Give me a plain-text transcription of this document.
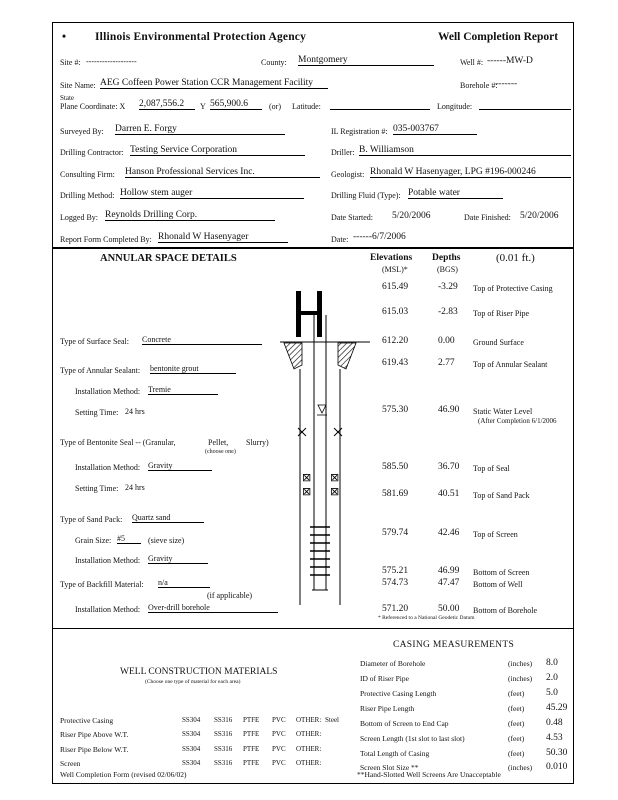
•	Illinois Environmental Protection Agency	Well Completion Report
Site #: -------------------	County: Montgomery	Well #: ------MW-D
Site Name: AEG Coffeen Power Station CCR Management Facility	Borehole #:
-------
State
Plane Coordinate: X 2,087,556.2	Y 565,900.6	(or) Latitude:	Longitude:
Surveyed By: Darren E. Forgy	IL Registration #: 035-003767
Drilling Contractor: Testing Service Corporation	Driller: B. Williamson
Consulting Firm: Hanson Professional Services Inc.	Geologist: Rhonald W Hasenyager, LPG #196-000246
Drilling Method: Hollow stem auger	Drilling Fluid (Type): Potable water
Logged By: Reynolds Drilling Corp.	Date Started: 5/20/2006	Date Finished: 5/20/2006
Report Form Completed By: Rhonald W Hasenyager	Date: ------6/7/2006
ANNULAR SPACE DETAILS	Elevations
(MSL)*
Depths
(BGS)
(0.01 ft.)
⊠ ⊠
⊠ ⊠
Type of Surface Seal: Concrete
Type of Annular Sealant: bentonite grout
Installation Method: Tremie
Setting Time: 24 hrs
Type of Bentonite Seal -- (Granular,	Pellet, Slurry)
(choose one)
Installation Method: Gravity
Setting Time: 24 hrs
Type of Sand Pack: Quartz sand
Grain Size: #5	(sieve size)
Installation Method: Gravity
Type of Backfill Material: n/a
(if applicable)
Installation Method: Over-drill borehole
615.49	-3.29 Top of Protective Casing
615.03	-2.83 Top of Riser Pipe
612.20	0.00 Ground Surface
619.43	2.77 Top of Annular Sealant
575.30	46.90 Static Water Level
(After Completion 6/1/2006
585.50	36.70 Top of Seal
581.69	40.51 Top of Sand Pack
579.74	42.46 Top of Screen
575.21	46.99 Bottom of Screen
574.73	47.47 Bottom of Well
571.20	50.00 Bottom of Borehole
* Referenced to a National Geodetic Datum
CASING MEASUREMENTS
Diameter of Borehole	(inches) 8.0
ID of Riser Pipe	(inches) 2.0
Protective Casing Length	(feet) 5.0
Riser Pipe Length	(feet) 45.29
Bottom of Screen to End Cap	(feet) 0.48
Screen Length (1st slot to last slot)	(feet) 4.53
Total Length of Casing	(feet) 50.30
Screen Slot Size **	(inches) 0.010
**Hand-Slotted Well Screens Are Unacceptable
WELL CONSTRUCTION MATERIALS
(Choose one type of material for each area)
Protective Casing	SS304 SS316 PTFE PVC OTHER: Steel
Riser Pipe Above W.T.	SS304 SS316 PTFE PVC OTHER:
Riser Pipe Below W.T.	SS304 SS316 PTFE PVC OTHER:
Screen	SS304 SS316 PTFE PVC OTHER:
Well Completion Form (revised 02/06/02)
